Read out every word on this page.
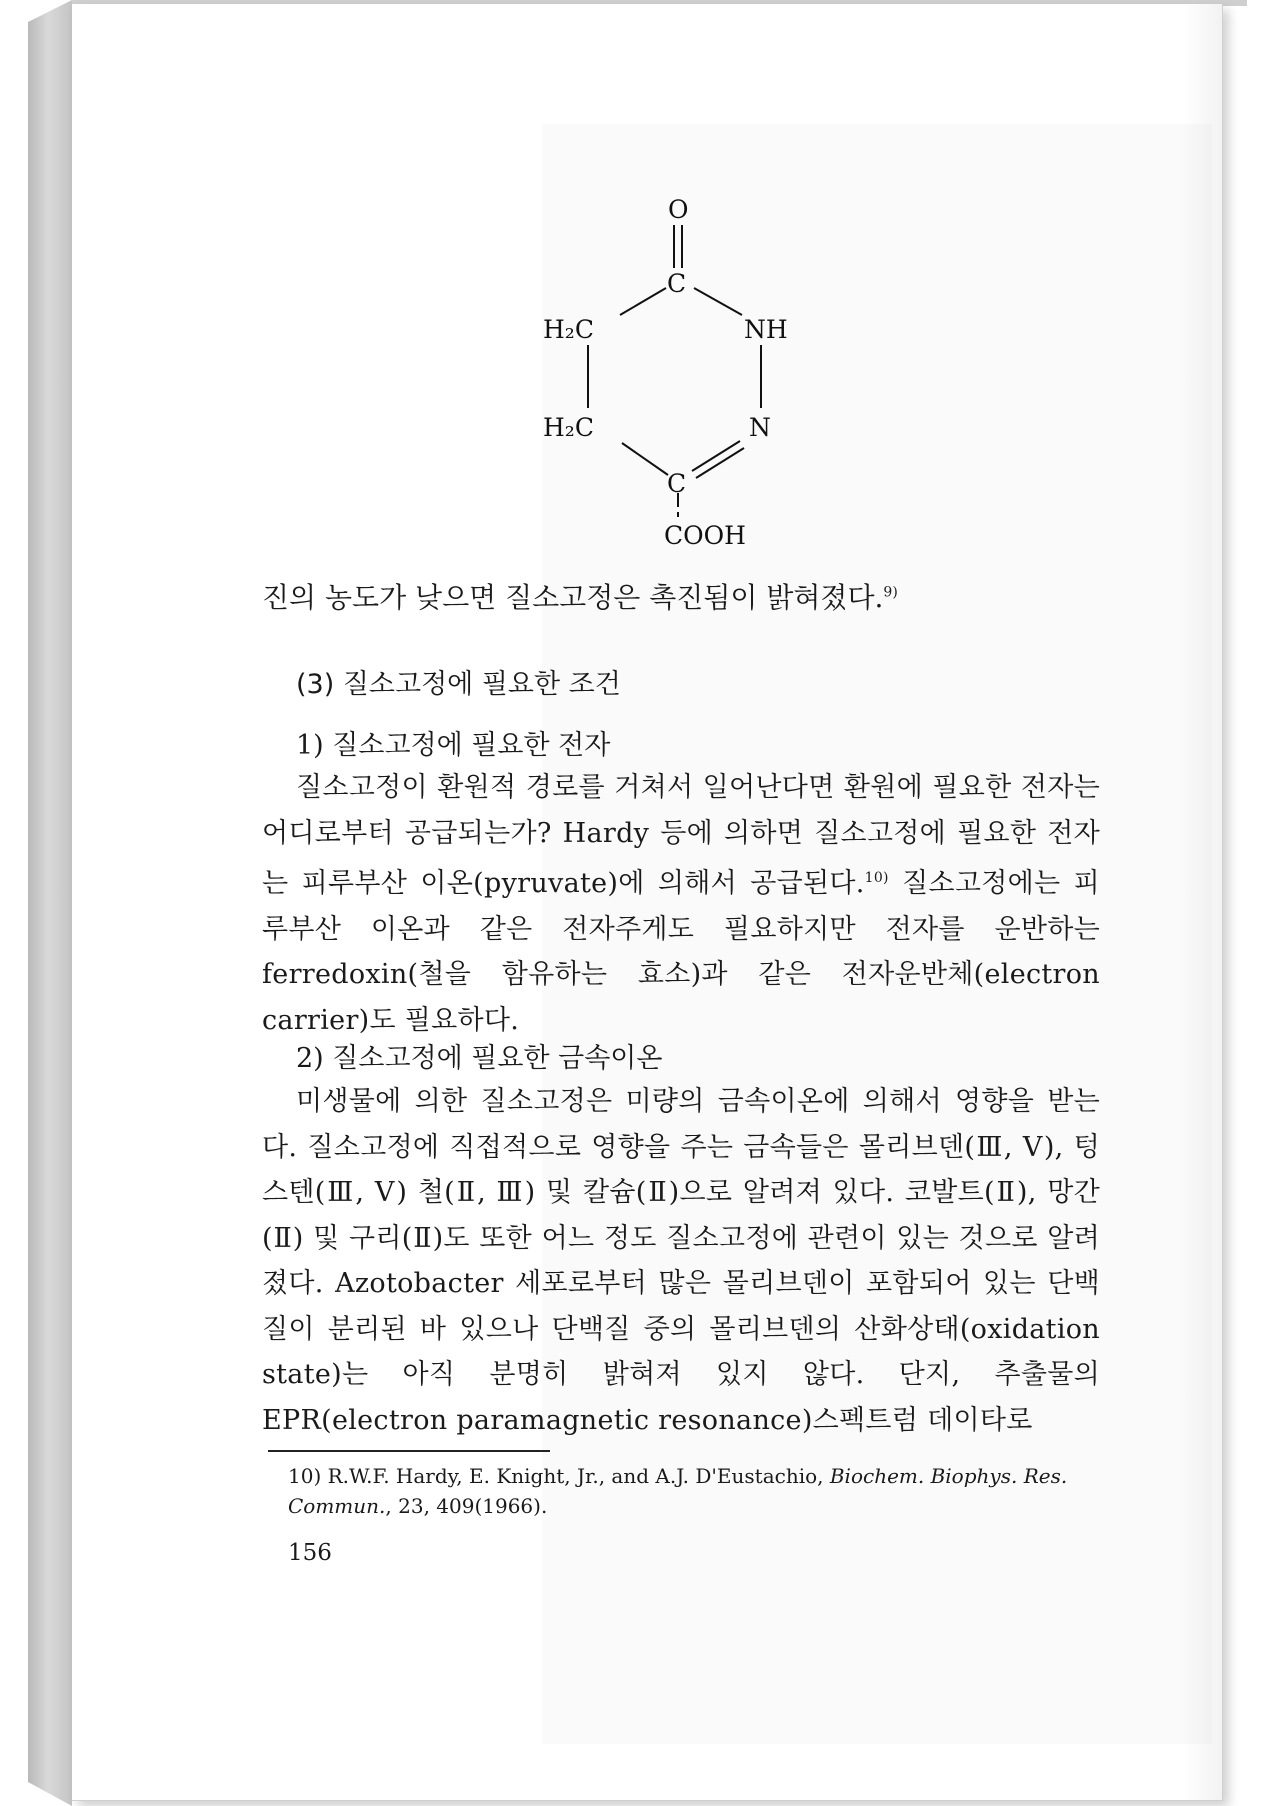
O
C
NH
H₂C
H₂C	N
C
COOH
진의 농도가 낮으면 질소고정은 촉진됨이 밝혀졌다.$^{9)}$
(3) 질소고정에 필요한 조건
1) 질소고정에 필요한 전자
질소고정이 환원적 경로를 거쳐서 일어난다면 환원에 필요한 전자는 어디로부터 공급되는가? Hardy 등에 의하면 질소고정에 필요한 전자는 피루부산 이온(pyruvate)에 의해서 공급된다.$^{10)}$ 질소고정에는 피루부산 이온과 같은 전자주게도 필요하지만 전자를 운반하는 ferredoxin(철을 함유하는 효소)과 같은 전자운반체(electron carrier)도 필요하다.
2) 질소고정에 필요한 금속이온
미생물에 의한 질소고정은 미량의 금속이온에 의해서 영향을 받는다. 질소고정에 직접적으로 영향을 주는 금속들은 몰리브덴(Ⅲ, Ⅴ), 텅스텐(Ⅲ, Ⅴ) 철(Ⅱ, Ⅲ) 및 칼슘(Ⅱ)으로 알려져 있다. 코발트(Ⅱ), 망간(Ⅱ) 및 구리(Ⅱ)도 또한 어느 정도 질소고정에 관련이 있는 것으로 알려졌다. Azotobacter 세포로부터 많은 몰리브덴이 포함되어 있는 단백질이 분리된 바 있으나 단백질 중의 몰리브덴의 산화상태(oxidation state)는 아직 분명히 밝혀져 있지 않다. 단지, 추출물의 EPR(electron paramagnetic resonance)스펙트럼 데이타로
10) R.W.F. Hardy, E. Knight, Jr., and A.J. D'Eustachio, Biochem. Biophys. Res. Commun., 23, 409(1966).
156
